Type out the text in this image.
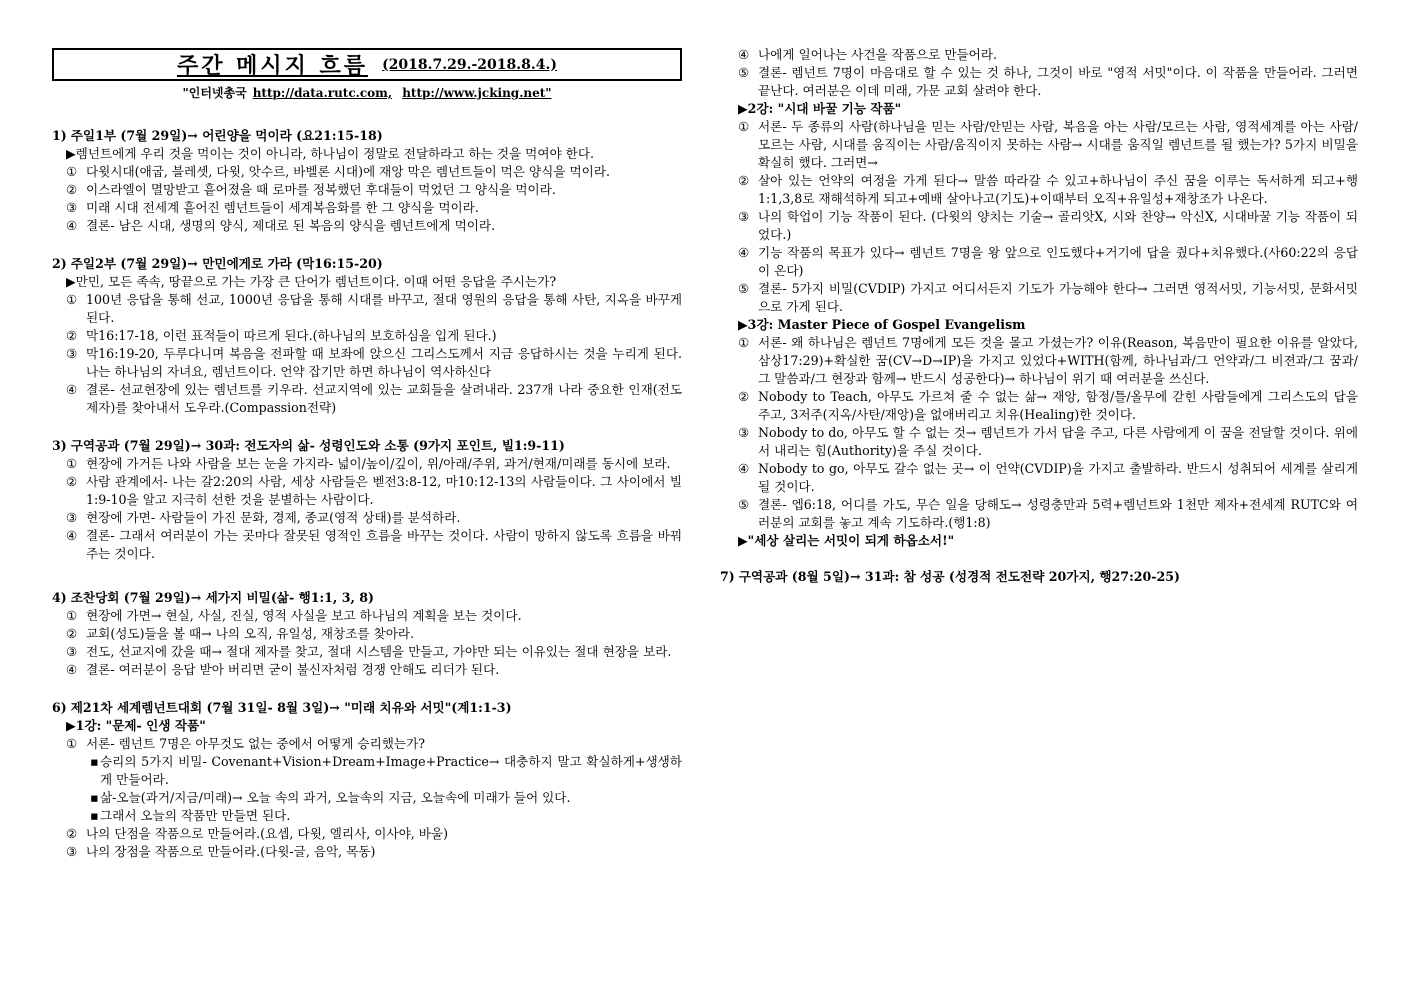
주간 메시지 흐름 (2018.7.29.-2018.8.4.)
"인터넷총국 http://data.rutc.com, http://www.jcking.net"
1) 주일1부 (7월 29일)→ 어린양을 먹이라 (요21:15-18)
▶렘넌트에게 우리 것을 먹이는 것이 아니라, 하나님이 정말로 전달하라고 하는 것을 먹여야 한다.
① 다윗시대(애굽, 블레셋, 다윗, 앗수르, 바벨론 시대)에 재앙 막은 렘넌트들이 먹은 양식을 먹이라.
② 이스라엘이 멸망받고 흩어졌을 때 로마를 정복했던 후대들이 먹었던 그 양식을 먹이라.
③ 미래 시대 전세계 흩어진 렘넌트들이 세계복음화를 한 그 양식을 먹이라.
④ 결론- 남은 시대, 생명의 양식, 제대로 된 복음의 양식을 렘넌트에게 먹이라.
2) 주일2부 (7월 29일)→ 만민에게로 가라 (막16:15-20)
▶만민, 모든 족속, 땅끝으로 가는 가장 큰 단어가 렘넌트이다. 이때 어떤 응답을 주시는가?
① 100년 응답을 통해 선교, 1000년 응답을 통해 시대를 바꾸고, 절대 영원의 응답을 통해 사탄, 지옥을 바꾸게 된다.
② 막16:17-18, 이런 표적들이 따르게 된다.(하나님의 보호하심을 입게 된다.)
③ 막16:19-20, 두루다니며 복음을 전파할 때 보좌에 앉으신 그리스도께서 지금 응답하시는 것을 누리게 된다. 나는 하나님의 자녀요, 렘넌트이다. 언약 잡기만 하면 하나님이 역사하신다
④ 결론- 선교현장에 있는 렘넌트를 키우라. 선교지역에 있는 교회들을 살려내라. 237개 나라 중요한 인재(전도제자)를 찾아내서 도우라.(Compassion전략)
3) 구역공과 (7월 29일)→ 30과: 전도자의 삶- 성령인도와 소통 (9가지 포인트, 빌1:9-11)
① 현장에 가거든 나와 사람을 보는 눈을 가지라- 넓이/높이/깊이, 위/아래/주위, 과거/현재/미래를 동시에 보라.
② 사람 관계에서- 나는 갈2:20의 사람, 세상 사람들은 벧전3:8-12, 마10:12-13의 사람들이다. 그 사이에서 빌1:9-10을 알고 지극히 선한 것을 분별하는 사람이다.
③ 현장에 가면- 사람들이 가진 문화, 경제, 종교(영적 상태)를 분석하라.
④ 결론- 그래서 여러분이 가는 곳마다 잘못된 영적인 흐름을 바꾸는 것이다. 사람이 망하지 않도록 흐름을 바꿔주는 것이다.
4) 조찬당회 (7월 29일)→ 세가지 비밀(삶- 행1:1, 3, 8)
① 현장에 가면→ 현실, 사실, 진실, 영적 사실을 보고 하나님의 계획을 보는 것이다.
② 교회(성도)들을 볼 때→ 나의 오직, 유일성, 재창조를 찾아라.
③ 전도, 선교지에 갔을 때→ 절대 제자를 찾고, 절대 시스템을 만들고, 가야만 되는 이유있는 절대 현장을 보라.
④ 결론- 여러분이 응답 받아 버리면 굳이 불신자처럼 경쟁 안해도 리더가 된다.
6) 제21차 세계렘넌트대회 (7월 31일- 8월 3일)→ "미래 치유와 서밋"(계1:1-3)
▶1강: "문제- 인생 작품"
① 서론- 렘넌트 7명은 아무것도 없는 중에서 어떻게 승리했는가?
▪ 승리의 5가지 비밀- Covenant+Vision+Dream+Image+Practice→ 대충하지 말고 확실하게+생생하게 만들어라.
▪ 삶-오늘(과거/지금/미래)→ 오늘 속의 과거, 오늘속의 지금, 오늘속에 미래가 들어 있다.
▪ 그래서 오늘의 작품만 만들면 된다.
② 나의 단점을 작품으로 만들어라.(요셉, 다윗, 엘리사, 이사야, 바울)
③ 나의 장점을 작품으로 만들어라.(다윗-글, 음악, 목동)
④ 나에게 일어나는 사건을 작품으로 만들어라.
⑤ 결론- 렘넌트 7명이 마음대로 할 수 있는 것 하나, 그것이 바로 "영적 서밋"이다. 이 작품을 만들어라. 그러면 끝난다. 여러분은 이데 미래, 가문 교회 살려야 한다.
▶2강: "시대 바꿀 기능 작품"
① 서론- 두 종류의 사람(하나님을 믿는 사람/안믿는 사람, 복음을 아는 사람/모르는 사람, 영적세계를 아는 사람/모르는 사람, 시대를 움직이는 사람/움직이지 못하는 사람→ 시대를 움직일 렘넌트를 될 했는가? 5가지 비밀을 확실히 했다. 그러면→
② 살아 있는 언약의 여정을 가게 된다→ 말씀 따라갈 수 있고+하나님이 주신 꿈을 이루는 독서하게 되고+행1:1,3,8로 재해석하게 되고+예배 살아나고(기도)+이때부터 오직+유일성+재창조가 나온다.
③ 나의 학업이 기능 작품이 된다. (다윗의 양치는 기술→ 골리앗X, 시와 찬양→ 악신X, 시대바꿀 기능 작품이 되었다.)
④ 기능 작품의 목표가 있다→ 렘넌트 7명을 왕 앞으로 인도했다+거기에 답을 줬다+치유했다.(사60:22의 응답이 온다)
⑤ 결론- 5가지 비밀(CVDIP) 가지고 어디서든지 기도가 가능해야 한다→ 그러면 영적서밋, 기능서밋, 문화서밋으로 가게 된다.
▶3강: Master Piece of Gospel Evangelism
① 서론- 왜 하나님은 렘넌트 7명에게 모든 것을 몰고 가셨는가? 이유(Reason, 복음만이 필요한 이유를 알았다, 삼상17:29)+확실한 꿈(CV→D→IP)을 가지고 있었다+WITH(함께, 하나님과/그 언약과/그 비젼과/그 꿈과/그 말씀과/그 현장과 함께→ 반드시 성공한다)→ 하나님이 위기 때 여러분을 쓰신다.
② Nobody to Teach, 아무도 가르쳐 줄 수 없는 삶→ 재앙, 함정/틀/올무에 갇힌 사람들에게 그리스도의 답을 주고, 3저주(지옥/사탄/재앙)을 없애버리고 치유(Healing)한 것이다.
③ Nobody to do, 아무도 할 수 없는 것→ 렘넌트가 가서 답을 주고, 다른 사람에게 이 꿈을 전달할 것이다. 위에서 내리는 힘(Authority)을 주실 것이다.
④ Nobody to go, 아무도 갈수 없는 곳→ 이 언약(CVDIP)을 가지고 출발하라. 반드시 성취되어 세계를 살리게 될 것이다.
⑤ 결론- 엡6:18, 어디를 가도, 무슨 일을 당해도→ 성령충만과 5력+렘넌트와 1천만 제자+전세계 RUTC와 여러분의 교회를 놓고 계속 기도하라.(행1:8)
▶"세상 살리는 서밋이 되게 하옵소서!"
7) 구역공과 (8월 5일)→ 31과: 참 성공 (성경적 전도전략 20가지, 행27:20-25)
